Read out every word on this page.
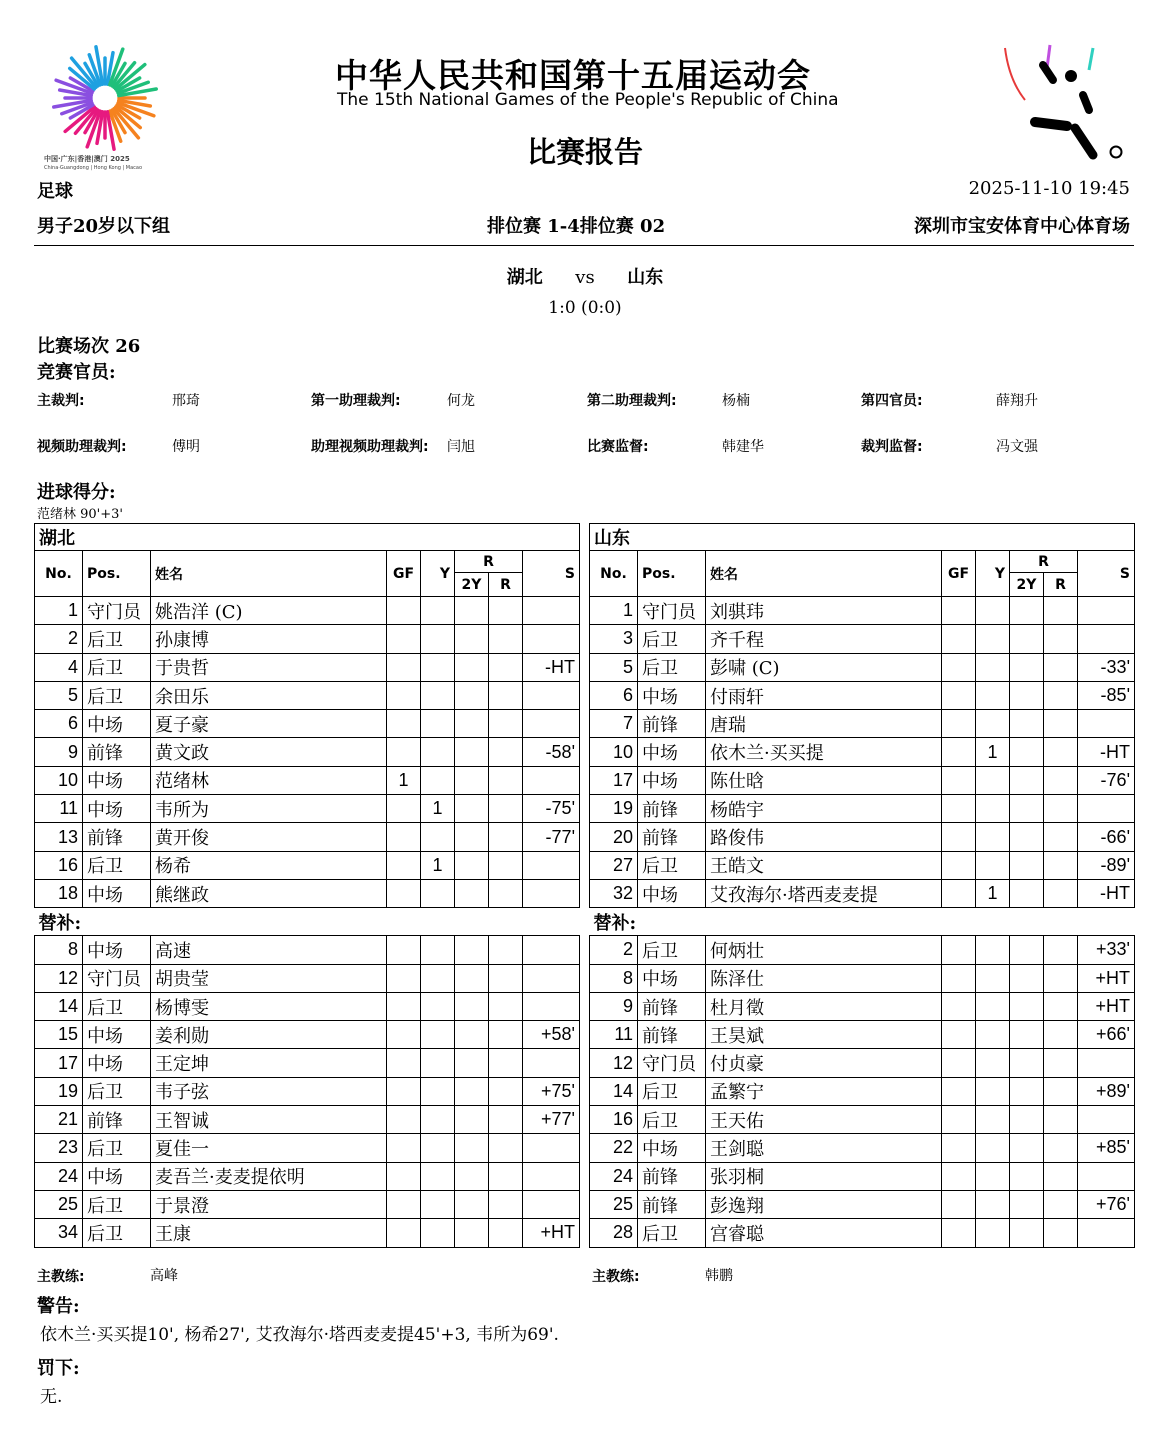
中国·广东|香港|澳门 2025
China·Guangdong | Hong Kong | Macao
中华人民共和国第十五届运动会
The 15th National Games of the People's Republic of China
比赛报告
足球	2025-11-10 19:45
男子20岁以下组	排位赛 1-4排位赛 02	深圳市宝安体育中心体育场
湖北 vs 山东
1:0 (0:0)
比赛场次 26
竞赛官员:
主裁判:	邢琦	第一助理裁判:	何龙	第二助理裁判:	杨楠	第四官员:	薛翔升
视频助理裁判:	傅明	助理视频助理裁判: 闫旭	比赛监督:	韩建华	裁判监督:	冯文强
进球得分:
范绪林 90'+3'
湖北							
No.	Pos.	姓名	GF	Y	R		S
					2Y	R	
1	守门员	姚浩洋 (C)					
2	后卫	孙康博					
4	后卫	于贵哲					-HT
5	后卫	余田乐					
6	中场	夏子豪					
9	前锋	黄文政					-58'
10	中场	范绪林	1				
11	中场	韦所为		1			-75'
13	前锋	黄开俊					-77'
16	后卫	杨希		1			
18	中场	熊继政					
替补:							
8	中场	高速					
12	守门员	胡贵莹					
14	后卫	杨博雯					
15	中场	姜利勋					+58'
17	中场	王定坤					
19	后卫	韦子弦					+75'
21	前锋	王智诚					+77'
23	后卫	夏佳一					
24	中场	麦吾兰·麦麦提依明					
25	后卫	于景澄					
34	后卫	王康					+HT
山东							
No.	Pos.	姓名	GF	Y	R		S
					2Y	R	
1	守门员	刘骐玮					
3	后卫	齐千程					
5	后卫	彭啸 (C)					-33'
6	中场	付雨轩					-85'
7	前锋	唐瑞					
10	中场	依木兰·买买提		1			-HT
17	中场	陈仕晗					-76'
19	前锋	杨皓宇					
20	前锋	路俊伟					-66'
27	后卫	王皓文					-89'
32	中场	艾孜海尔·塔西麦麦提		1			-HT
替补:							
2	后卫	何炳壮					+33'
8	中场	陈泽仕					+HT
9	前锋	杜月徵					+HT
11	前锋	王昊斌					+66'
12	守门员	付贞豪					
14	后卫	孟繁宁					+89'
16	后卫	王天佑					
22	中场	王剑聪					+85'
24	前锋	张羽桐					
25	前锋	彭逸翔					+76'
28	后卫	宫睿聪					
主教练:	高峰	主教练:	韩鹏
警告:
依木兰·买买提10', 杨希27', 艾孜海尔·塔西麦麦提45'+3, 韦所为69'.
罚下:
无.
